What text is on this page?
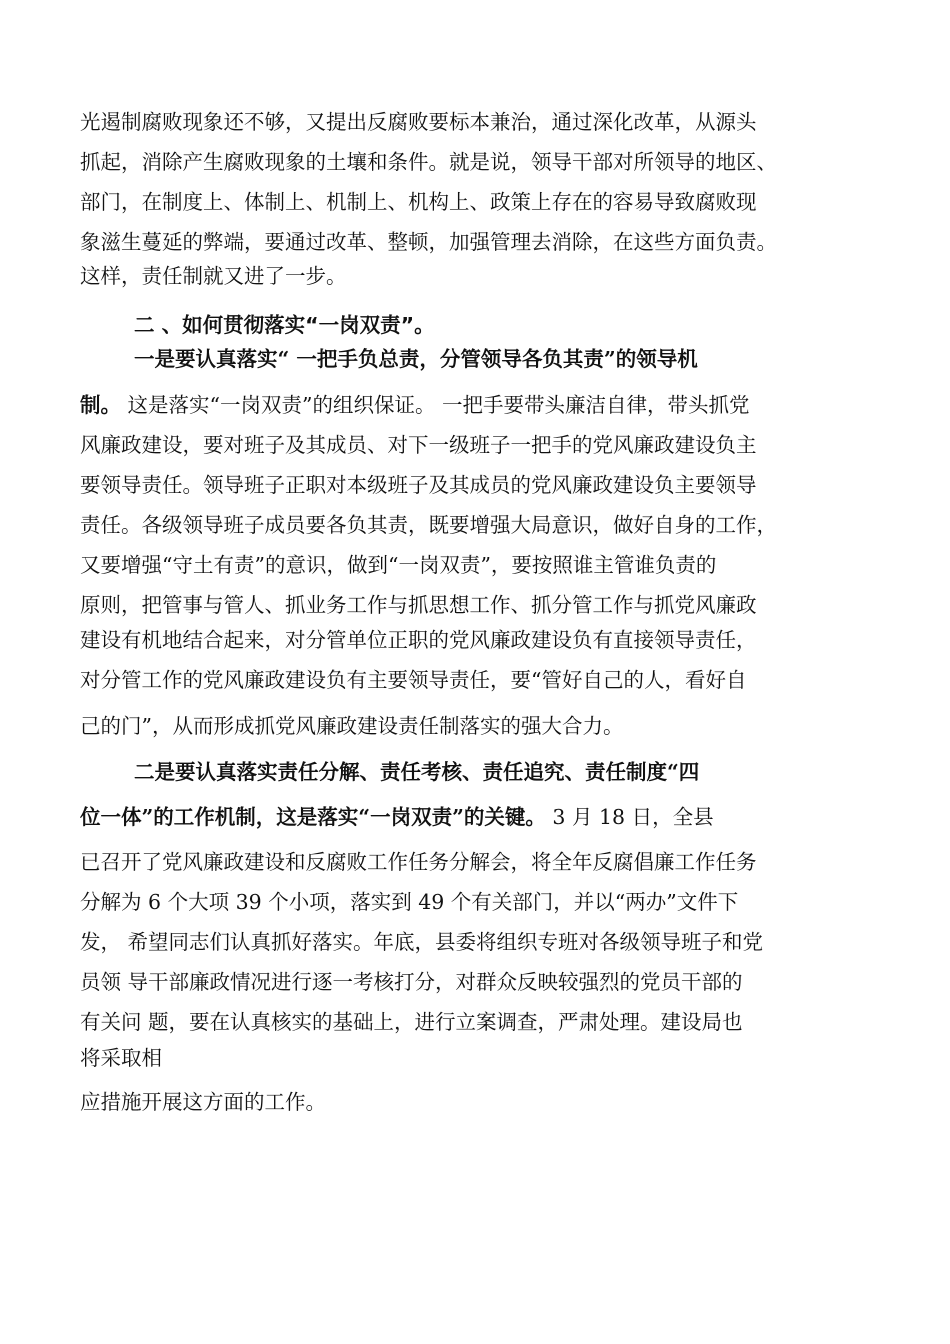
光遏制腐败现象还不够，又提出反腐败要标本兼治，通过深化改革，从源头
抓起，消除产生腐败现象的土壤和条件。就是说，领导干部对所领导的地区、
部门，在制度上、体制上、机制上、机构上、政策上存在的容易导致腐败现
象滋生蔓延的弊端，要通过改革、整顿，加强管理去消除，在这些方面负责。
这样，责任制就又进了一步。
二 、如何贯彻落实“一岗双责”。
一是要认真落实“ 一把手负总责，分管领导各负其责”的领导机
制。 这是落实“一岗双责”的组织保证。 一把手要带头廉洁自律，带头抓党
风廉政建设，要对班子及其成员、对下一级班子一把手的党风廉政建设负主
要领导责任。领导班子正职对本级班子及其成员的党风廉政建设负主要领导
责任。各级领导班子成员要各负其责，既要增强大局意识，做好自身的工作，
又要增强“守土有责”的意识，做到“一岗双责”，要按照谁主管谁负责的
原则，把管事与管人、抓业务工作与抓思想工作、抓分管工作与抓党风廉政
建设有机地结合起来，对分管单位正职的党风廉政建设负有直接领导责任，
对分管工作的党风廉政建设负有主要领导责任，要“管好自己的人，看好自
己的门”，从而形成抓党风廉政建设责任制落实的强大合力。
二是要认真落实责任分解、责任考核、责任追究、责任制度“四
位一体”的工作机制，这是落实“一岗双责”的关键。 3 月 18 日，全县
已召开了党风廉政建设和反腐败工作任务分解会，将全年反腐倡廉工作任务
分解为 6 个大项 39 个小项，落实到 49 个有关部门，并以“两办”文件下
发， 希望同志们认真抓好落实。年底，县委将组织专班对各级领导班子和党
员领 导干部廉政情况进行逐一考核打分，对群众反映较强烈的党员干部的
有关问 题，要在认真核实的基础上，进行立案调查，严肃处理。建设局也
将采取相
应措施开展这方面的工作。
